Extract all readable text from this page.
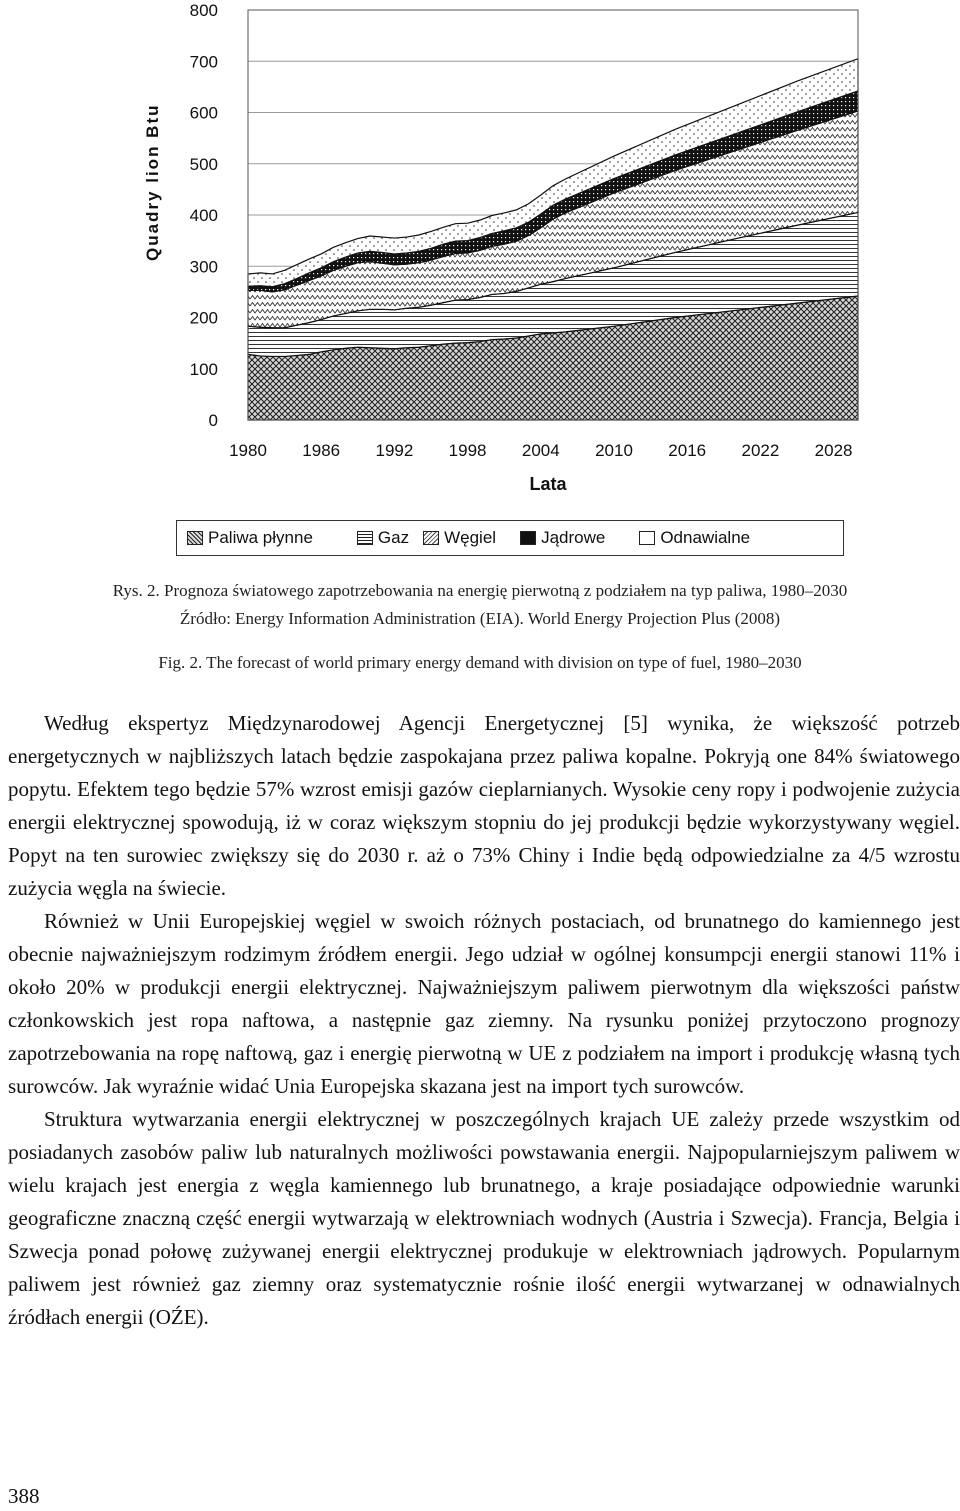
0
100
200
300
400
500
600
700
800
1980 1986 1992 1998 2004 2010 2016 2022 2028
Lata
Quadry lion Btu
Paliwa płynne	Gaz Węgiel	Jądrowe	Odnawialne
Rys. 2. Prognoza światowego zapotrzebowania na energię pierwotną z podziałem na typ paliwa, 1980–2030
Źródło: Energy Information Administration (EIA). World Energy Projection Plus (2008)
Fig. 2. The forecast of world primary energy demand with division on type of fuel, 1980–2030

Według ekspertyz Międzynarodowej Agencji Energetycznej [5] wynika, że większość potrzeb energetycznych w najbliższych latach będzie zaspokajana przez paliwa kopalne. Pokryją one 84% światowego popytu. Efektem tego będzie 57% wzrost emisji gazów cieplarnianych. Wysokie ceny ropy i podwojenie zużycia energii elektrycznej spowodują, iż w coraz większym stopniu do jej produkcji będzie wykorzystywany węgiel. Popyt na ten surowiec zwiększy się do 2030 r. aż o 73% Chiny i Indie będą odpowiedzialne za 4/5 wzrostu zużycia węgla na świecie.

Również w Unii Europejskiej węgiel w swoich różnych postaciach, od brunatnego do kamiennego jest obecnie najważniejszym rodzimym źródłem energii. Jego udział w ogólnej konsumpcji energii stanowi 11% i około 20% w produkcji energii elektrycznej. Najważniejszym paliwem pierwotnym dla większości państw członkowskich jest ropa naftowa, a następnie gaz ziemny. Na rysunku poniżej przytoczono prognozy zapotrzebowania na ropę naftową, gaz i energię pierwotną w UE z podziałem na import i produkcję własną tych surowców. Jak wyraźnie widać Unia Europejska skazana jest na import tych surowców.

Struktura wytwarzania energii elektrycznej w poszczególnych krajach UE zależy przede wszystkim od posiadanych zasobów paliw lub naturalnych możliwości powstawania energii. Najpopularniejszym paliwem w wielu krajach jest energia z węgla kamiennego lub brunatnego, a kraje posiadające odpowiednie warunki geograficzne znaczną część energii wytwarzają w elektrowniach wodnych (Austria i Szwecja). Francja, Belgia i Szwecja ponad połowę zużywanej energii elektrycznej produkuje w elektrowniach jądrowych. Popularnym paliwem jest również gaz ziemny oraz systematycznie rośnie ilość energii wytwarzanej w odnawialnych źródłach energii (OŹE).

388
